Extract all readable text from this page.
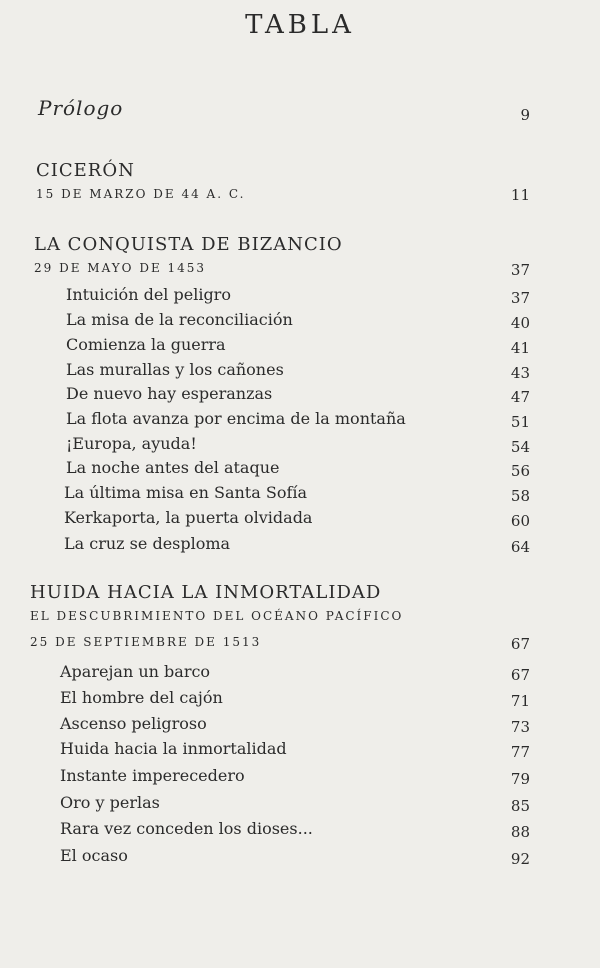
TABLA
Prólogo	9
CICERÓN
15 DE MARZO DE 44 A. C.	11
LA CONQUISTA DE BIZANCIO
29 DE MAYO DE 1453	37
Intuición del peligro	37
La misa de la reconciliación	40
Comienza la guerra	41
Las murallas y los cañones	43
De nuevo hay esperanzas	47
La flota avanza por encima de la montaña	51
¡Europa, ayuda!	54
La noche antes del ataque	56
La última misa en Santa Sofía	58
Kerkaporta, la puerta olvidada	60
La cruz se desploma	64
HUIDA HACIA LA INMORTALIDAD
EL DESCUBRIMIENTO DEL OCÉANO PACÍFICO
25 DE SEPTIEMBRE DE 1513	67
Aparejan un barco	67
El hombre del cajón	71
Ascenso peligroso	73
Huida hacia la inmortalidad	77
Instante imperecedero	79
Oro y perlas	85
Rara vez conceden los dioses...	88
El ocaso	92
